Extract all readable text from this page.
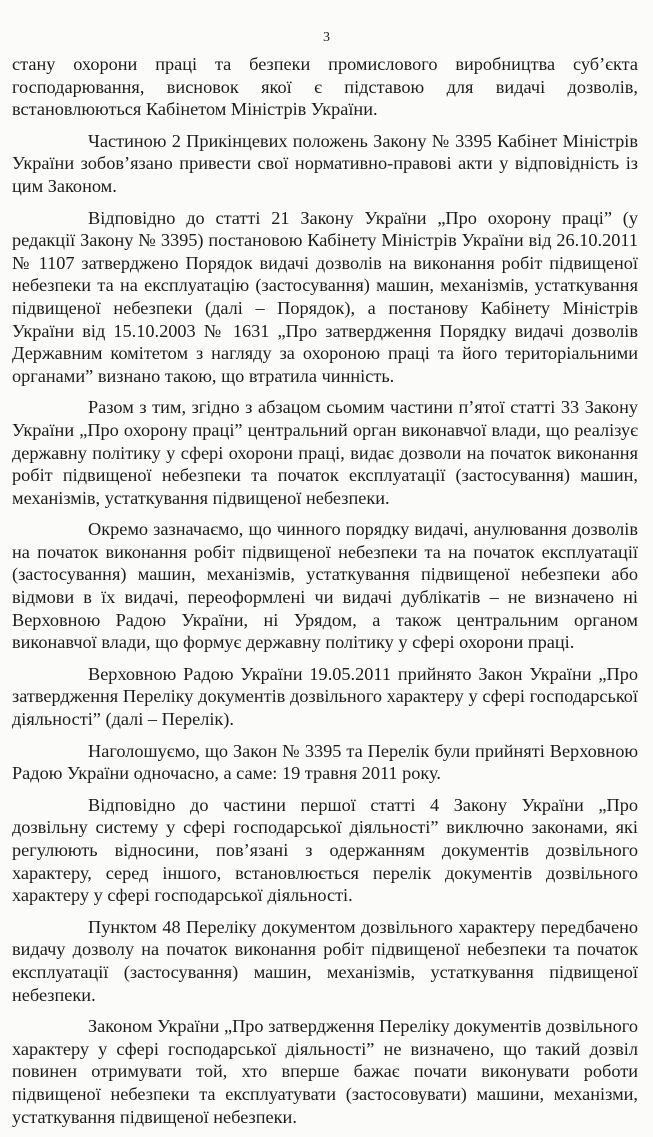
3

стану охорони праці та безпеки промислового виробництва суб’єкта господарювання, висновок якої є підставою для видачі дозволів, встановлюються Кабінетом Міністрів України.

Частиною 2 Прикінцевих положень Закону № 3395 Кабінет Міністрів України зобов’язано привести свої нормативно-правові акти у відповідність із цим Законом.

Відповідно до статті 21 Закону України „Про охорону праці” (у редакції Закону № 3395) постановою Кабінету Міністрів України від 26.10.2011 № 1107 затверджено Порядок видачі дозволів на виконання робіт підвищеної небезпеки та на експлуатацію (застосування) машин, механізмів, устаткування підвищеної небезпеки (далі – Порядок), а постанову Кабінету Міністрів України від 15.10.2003 № 1631 „Про затвердження Порядку видачі дозволів Державним комітетом з нагляду за охороною праці та його територіальними органами” визнано такою, що втратила чинність.

Разом з тим, згідно з абзацом сьомим частини п’ятої статті 33 Закону України „Про охорону праці” центральний орган виконавчої влади, що реалізує державну політику у сфері охорони праці, видає дозволи на початок виконання робіт підвищеної небезпеки та початок експлуатації (застосування) машин, механізмів, устаткування підвищеної небезпеки.

Окремо зазначаємо, що чинного порядку видачі, анулювання дозволів на початок виконання робіт підвищеної небезпеки та на початок експлуатації (застосування) машин, механізмів, устаткування підвищеної небезпеки або відмови в їх видачі, переоформлені чи видачі дублікатів – не визначено ні Верховною Радою України, ні Урядом, а також центральним органом виконавчої влади, що формує державну політику у сфері охорони праці.

Верховною Радою України 19.05.2011 прийнято Закон України „Про затвердження Переліку документів дозвільного характеру у сфері господарської діяльності” (далі – Перелік).

Наголошуємо, що Закон № 3395 та Перелік були прийняті Верховною Радою України одночасно, а саме: 19 травня 2011 року.

Відповідно до частини першої статті 4 Закону України „Про дозвільну систему у сфері господарської діяльності” виключно законами, які регулюють відносини, пов’язані з одержанням документів дозвільного характеру, серед іншого, встановлюється перелік документів дозвільного характеру у сфері господарської діяльності.

Пунктом 48 Переліку документом дозвільного характеру передбачено видачу дозволу на початок виконання робіт підвищеної небезпеки та початок експлуатації (застосування) машин, механізмів, устаткування підвищеної небезпеки.

Законом України „Про затвердження Переліку документів дозвільного характеру у сфері господарської діяльності” не визначено, що такий дозвіл повинен отримувати той, хто вперше бажає почати виконувати роботи підвищеної небезпеки та експлуатувати (застосовувати) машини, механізми, устаткування підвищеної небезпеки.
